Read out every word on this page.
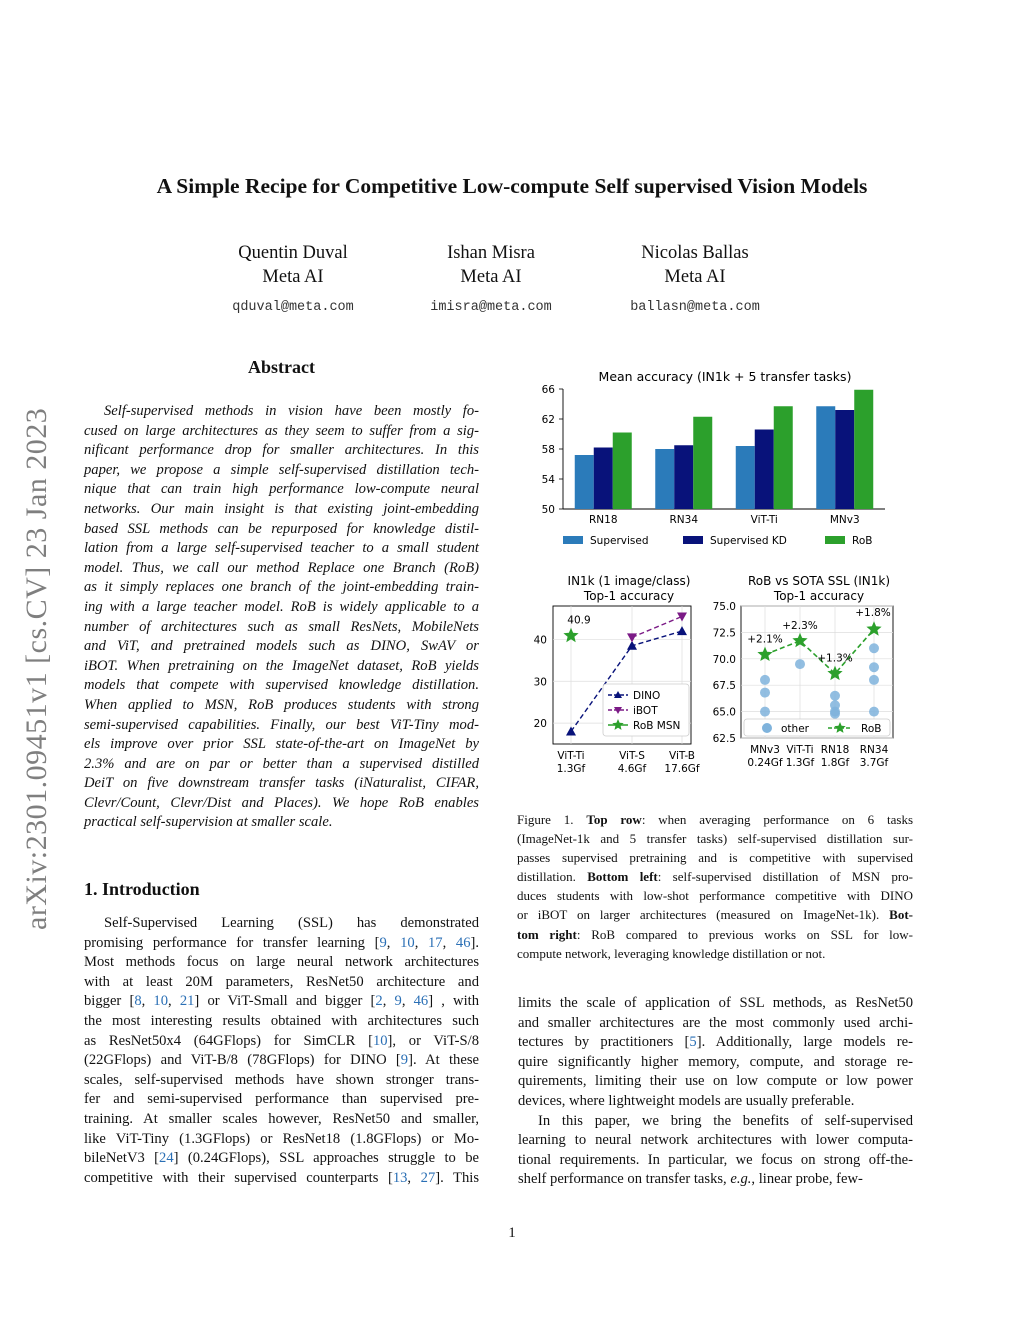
A Simple Recipe for Competitive Low-compute Self supervised Vision Models
Quentin Duval
Meta AI
qduval@meta.com
Ishan Misra
Meta AI
imisra@meta.com
Nicolas Ballas
Meta AI
ballasn@meta.com
arXiv:2301.09451v1 [cs.CV] 23 Jan 2023
Abstract
Self-supervised methods in vision have been mostly fo-
cused on large architectures as they seem to suffer from a sig-
nificant performance drop for smaller architectures. In this
paper, we propose a simple self-supervised distillation tech-
nique that can train high performance low-compute neural
networks. Our main insight is that existing joint-embedding
based SSL methods can be repurposed for knowledge distil-
lation from a large self-supervised teacher to a small student
model. Thus, we call our method Replace one Branch (RoB)
as it simply replaces one branch of the joint-embedding train-
ing with a large teacher model. RoB is widely applicable to a
number of architectures such as small ResNets, MobileNets
and ViT, and pretrained models such as DINO, SwAV or
iBOT. When pretraining on the ImageNet dataset, RoB yields
models that compete with supervised knowledge distillation.
When applied to MSN, RoB produces students with strong
semi-supervised capabilities. Finally, our best ViT-Tiny mod-
els improve over prior SSL state-of-the-art on ImageNet by
2.3% and are on par or better than a supervised distilled
DeiT on five downstream transfer tasks (iNaturalist, CIFAR,
Clevr/Count, Clevr/Dist and Places). We hope RoB enables
practical self-supervision at smaller scale.
1. Introduction
Self-Supervised Learning (SSL) has demonstrated
promising performance for transfer learning [9, 10, 17, 46].
Most methods focus on large neural network architectures
with at least 20M parameters, ResNet50 architecture and
bigger [8, 10, 21] or ViT-Small and bigger [2, 9, 46] , with
the most interesting results obtained with architectures such
as ResNet50x4 (64GFlops) for SimCLR [10], or ViT-S/8
(22GFlops) and ViT-B/8 (78GFlops) for DINO [9]. At these
scales, self-supervised methods have shown stronger trans-
fer and semi-supervised performance than supervised pre-
training. At smaller scales however, ResNet50 and smaller,
like ViT-Tiny (1.3GFlops) or ResNet18 (1.8GFlops) or Mo-
bileNetV3 [24] (0.24GFlops), SSL approaches struggle to be
competitive with their supervised counterparts [13, 27]. This
limits the scale of application of SSL methods, as ResNet50
and smaller architectures are the most commonly used archi-
tectures by practitioners [5]. Additionally, large models re-
quire significantly higher memory, compute, and storage re-
quirements, limiting their use on low compute or low power
devices, where lightweight models are usually preferable.
In this paper, we bring the benefits of self-supervised
learning to neural network architectures with lower computa-
tional requirements. In particular, we focus on strong off-the-
shelf performance on transfer tasks, e.g., linear probe, few-
Mean accuracy (IN1k + 5 transfer tasks)
50
54
58
62
66
RN18	RN34	ViT-Ti	MNv3
Supervised	Supervised KD	RoB
IN1k (1 image/class)
Top-1 accuracy
20
30
40
ViT-Ti
1.3Gf
ViT-S
4.6Gf
ViT-B
17.6Gf
40.9
DINO
iBOT
RoB MSN
RoB vs SOTA SSL (IN1k)
Top-1 accuracy
62.5
65.0
67.5
70.0
72.5
75.0
MNv3
0.24Gf
ViT-Ti
1.3Gf
RN18
1.8Gf
RN34
3.7Gf
+2.1%
+2.3%
+1.3%
+1.8%
other	RoB
Figure 1. Top row: when averaging performance on 6 tasks
(ImageNet-1k and 5 transfer tasks) self-supervised distillation sur-
passes supervised pretraining and is competitive with supervised
distillation. Bottom left: self-supervised distillation of MSN pro-
duces students with low-shot performance competitive with DINO
or iBOT on larger architectures (measured on ImageNet-1k). Bot-
tom right: RoB compared to previous works on SSL for low-
compute network, leveraging knowledge distillation or not.
1
